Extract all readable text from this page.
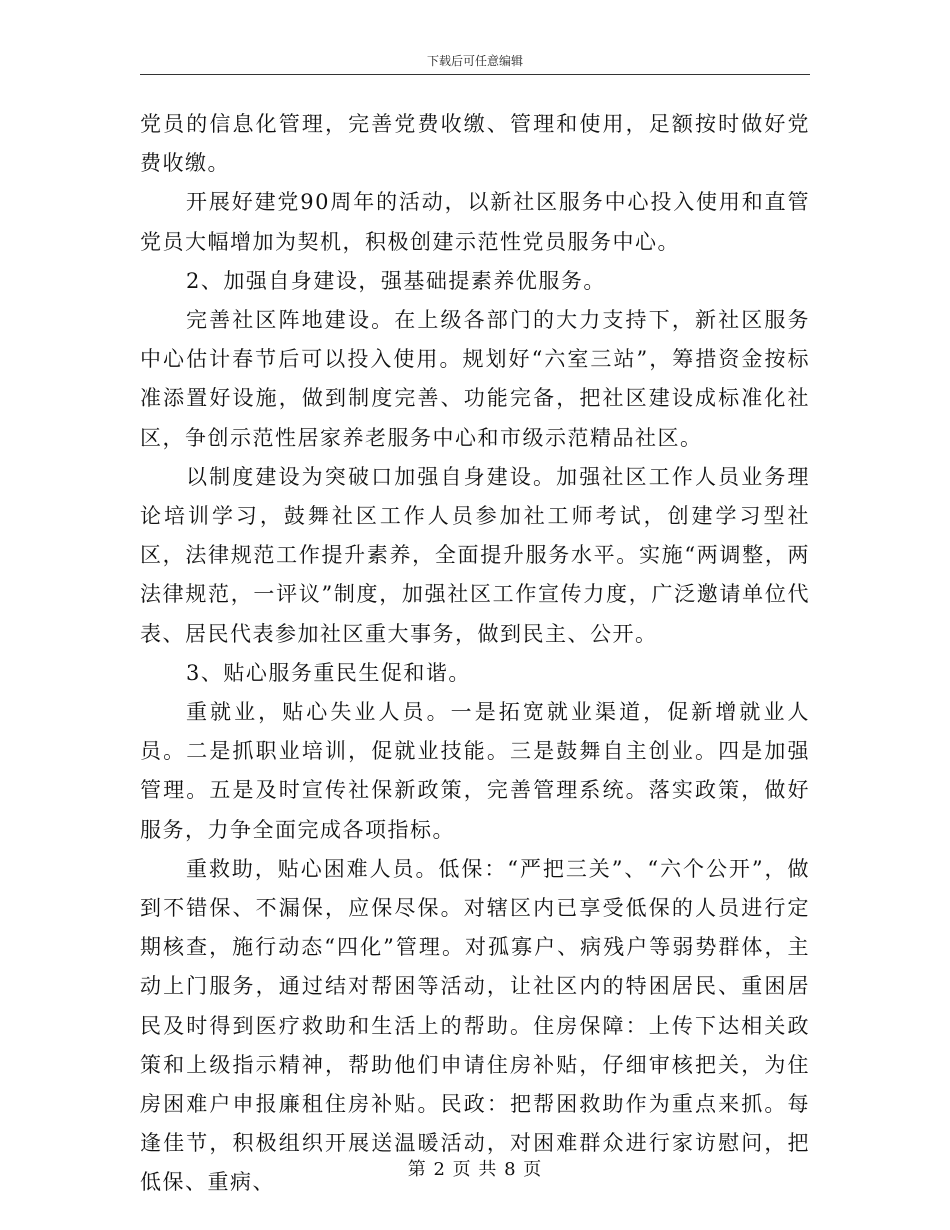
下载后可任意编辑

党员的信息化管理，完善党费收缴、管理和使用，足额按时做好党费收缴。

开展好建党90周年的活动，以新社区服务中心投入使用和直管党员大幅增加为契机，积极创建示范性党员服务中心。

2、加强自身建设，强基础提素养优服务。

完善社区阵地建设。在上级各部门的大力支持下，新社区服务中心估计春节后可以投入使用。规划好“六室三站”，筹措资金按标准添置好设施，做到制度完善、功能完备，把社区建设成标准化社区，争创示范性居家养老服务中心和市级示范精品社区。

以制度建设为突破口加强自身建设。加强社区工作人员业务理论培训学习，鼓舞社区工作人员参加社工师考试，创建学习型社区，法律规范工作提升素养，全面提升服务水平。实施“两调整，两法律规范，一评议”制度，加强社区工作宣传力度，广泛邀请单位代表、居民代表参加社区重大事务，做到民主、公开。

3、贴心服务重民生促和谐。

重就业，贴心失业人员。一是拓宽就业渠道，促新增就业人员。二是抓职业培训，促就业技能。三是鼓舞自主创业。四是加强管理。五是及时宣传社保新政策，完善管理系统。落实政策，做好服务，力争全面完成各项指标。

重救助，贴心困难人员。低保：“严把三关”、“六个公开”，做到不错保、不漏保，应保尽保。对辖区内已享受低保的人员进行定期核查，施行动态“四化”管理。对孤寡户、病残户等弱势群体，主动上门服务，通过结对帮困等活动，让社区内的特困居民、重困居民及时得到医疗救助和生活上的帮助。住房保障：上传下达相关政策和上级指示精神，帮助他们申请住房补贴，仔细审核把关，为住房困难户申报廉租住房补贴。民政：把帮困救助作为重点来抓。每逢佳节，积极组织开展送温暖活动，对困难群众进行家访慰问，把低保、重病、

第 2 页 共 8 页
